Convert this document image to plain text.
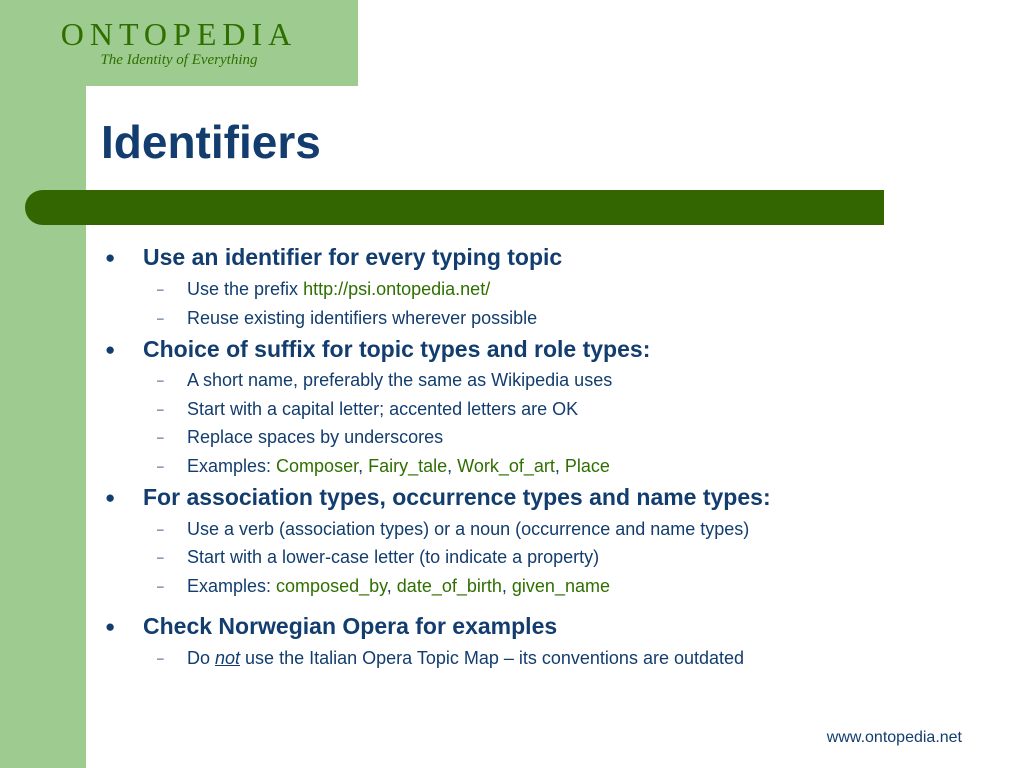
ONTOPEDIA
The Identity of Everything
Identifiers
● Use an identifier for every typing topic
– Use the prefix http://psi.ontopedia.net/
– Reuse existing identifiers wherever possible
● Choice of suffix for topic types and role types:
– A short name, preferably the same as Wikipedia uses
– Start with a capital letter; accented letters are OK
– Replace spaces by underscores
– Examples: Composer, Fairy_tale, Work_of_art, Place
● For association types, occurrence types and name types:
– Use a verb (association types) or a noun (occurrence and name types)
– Start with a lower-case letter (to indicate a property)
– Examples: composed_by, date_of_birth, given_name
● Check Norwegian Opera for examples
– Do not use the Italian Opera Topic Map – its conventions are outdated
www.ontopedia.net
